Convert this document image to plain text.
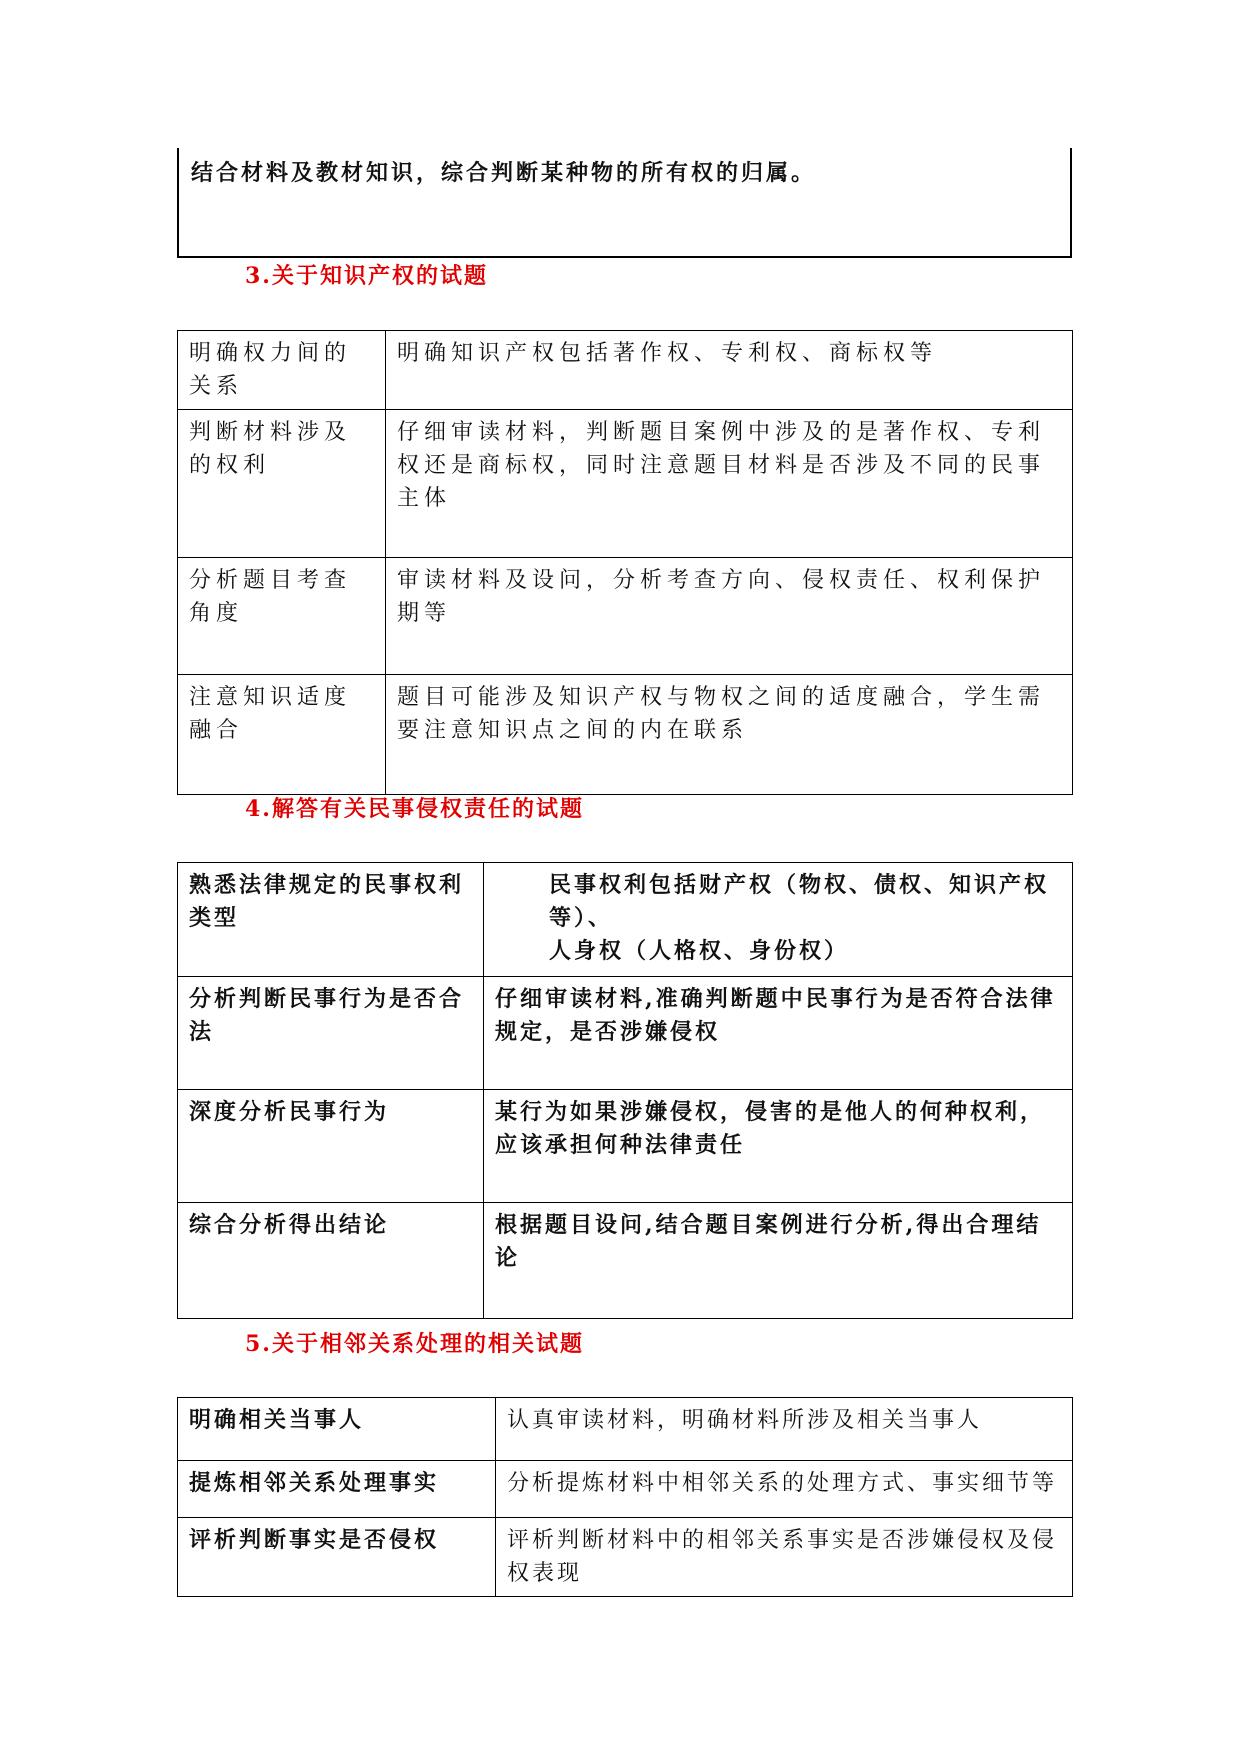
结合材料及教材知识，综合判断某种物的所有权的归属。
3.关于知识产权的试题
明确权力间的关系	明确知识产权包括著作权、专利权、商标权等
判断材料涉及的权利	仔细审读材料，判断题目案例中涉及的是著作权、专利权还是商标权，同时注意题目材料是否涉及不同的民事主体
分析题目考查角度	审读材料及设问，分析考查方向、侵权责任、权利保护期等
注意知识适度融合	题目可能涉及知识产权与物权之间的适度融合，学生需要注意知识点之间的内在联系
4.解答有关民事侵权责任的试题
熟悉法律规定的民事权利类型	民事权利包括财产权（物权、债权、知识产权等）、
人身权（人格权、身份权）

分析判断民事行为是否合法	仔细审读材料,准确判断题中民事行为是否符合法律规定，是否涉嫌侵权
深度分析民事行为	某行为如果涉嫌侵权，侵害的是他人的何种权利，应该承担何种法律责任
综合分析得出结论	根据题目设问,结合题目案例进行分析,得出合理结论
5.关于相邻关系处理的相关试题
明确相关当事人	认真审读材料，明确材料所涉及相关当事人
提炼相邻关系处理事实	分析提炼材料中相邻关系的处理方式、事实细节等
评析判断事实是否侵权	评析判断材料中的相邻关系事实是否涉嫌侵权及侵权表现
